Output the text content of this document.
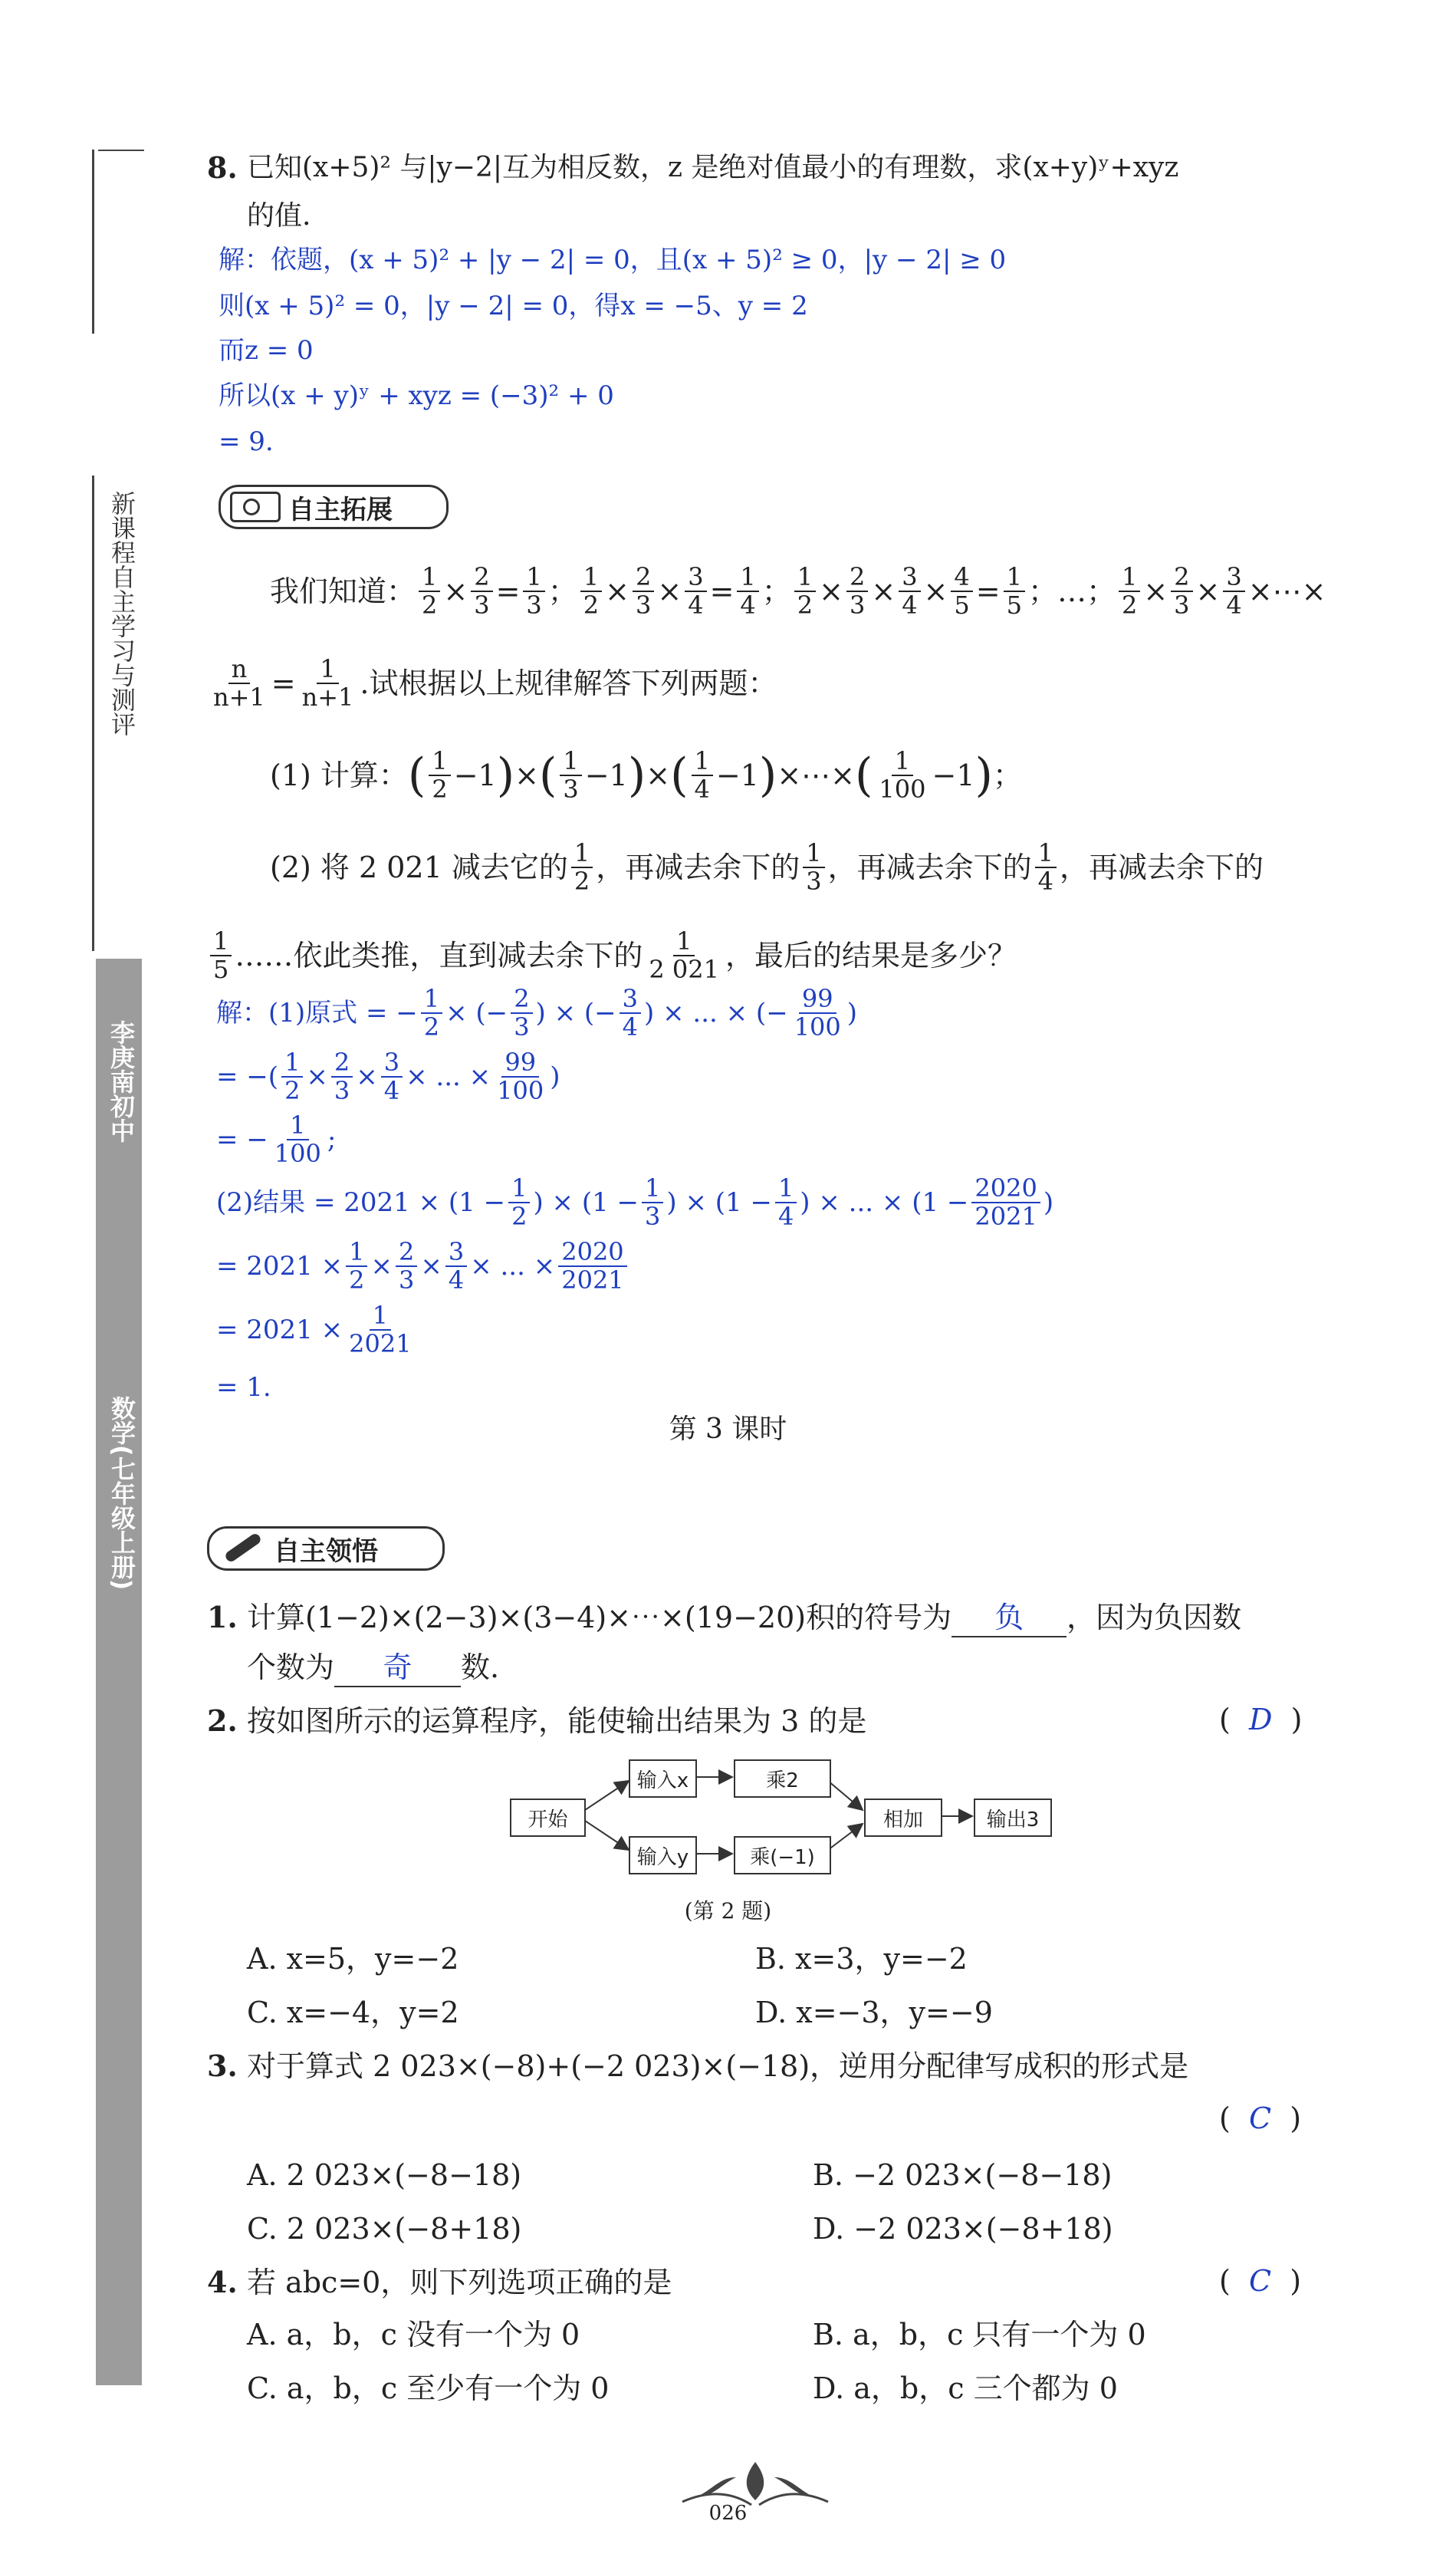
新课程自主学习与测评
李庚南初中
数学(七年级上册)
8. 已知(x+5)² 与|y−2|互为相反数，z 是绝对值最小的有理数，求(x+y)ʸ+xyz
的值.
解：依题，(x + 5)² + |y − 2| = 0，且(x + 5)² ≥ 0，|y − 2| ≥ 0
则(x + 5)² = 0，|y − 2| = 0，得x = −5、y = 2
而z = 0
所以(x + y)ʸ + xyz = (−3)² + 0
= 9.
自主拓展
我们知道： $\frac{1}{2} \times \frac{2}{3} = \frac{1}{3}$ ； $\frac{1}{2} \times \frac{2}{3} \times \frac{3}{4} = \frac{1}{4}$ ； $\frac{1}{2} \times \frac{2}{3} \times \frac{3}{4} \times \frac{4}{5} = \frac{1}{5}$ ；…； $\frac{1}{2} \times \frac{2}{3} \times \frac{3}{4}$ ×⋯×
$\frac{n}{n+1} = \frac{1}{n+1}$ .试根据以上规律解答下列两题：
(1) 计算： ( $\frac{1}{2} -1$ ) × ( $\frac{1}{3} -1$ ) × ( $\frac{1}{4} -1$ ) ×⋯× ( $\frac{1}{100} -1$ ) ；
(2) 将 2 021 减去它的 $\frac{1}{2}$ ，再减去余下的 $\frac{1}{3}$ ，再减去余下的 $\frac{1}{4}$ ，再减去余下的
$\frac{1}{5}$ ……依此类推，直到减去余下的 $\frac{1}{2 021}$ ，最后的结果是多少？
解：(1)原式 = − $\frac{1}{2}$ × (− $\frac{2}{3}$ ) × (− $\frac{3}{4}$ ) × ... × (− $\frac{99}{100}$ )
= −( $\frac{1}{2} \times \frac{2}{3} \times \frac{3}{4}$ × ... × $\frac{99}{100}$ )
= − $\frac{1}{100}$ ;
(2)结果 = $2021 \times (1 - \frac{1}{2}$ ) × ($1 - \frac{1}{3}$ ) × ($1 - \frac{1}{4}$ ) × ... × ($1 - \frac{2020}{2021}$ )
= $2021 \times \frac{1}{2} \times \frac{2}{3} \times \frac{3}{4}$ × ... × $\frac{2020}{2021}$
= $2021 \times \frac{1}{2021}$
= 1.
第 3 课时
自主领悟
1. 计算(1−2)×(2−3)×(3−4)×⋯×(19−20)积的符号为 负 ，因为负因数
个数为 奇 数.
2. 按如图所示的运算程序，能使输出结果为 3 的是	(  D  )
开始
输入x
输入y
乘2
乘(−1)
相加	输出3
(第 2 题)
A. x=5，y=−2	B. x=3，y=−2
C. x=−4，y=2	D. x=−3，y=−9
3. 对于算式 2 023×(−8)+(−2 023)×(−18)，逆用分配律写成积的形式是
(  C  )
A. 2 023×(−8−18)	B. −2 023×(−8−18)
C. 2 023×(−8+18)	D. −2 023×(−8+18)
4. 若 abc=0，则下列选项正确的是	(  C  )
A. a，b，c 没有一个为 0	B. a，b，c 只有一个为 0
C. a，b，c 至少有一个为 0	D. a，b，c 三个都为 0
026
